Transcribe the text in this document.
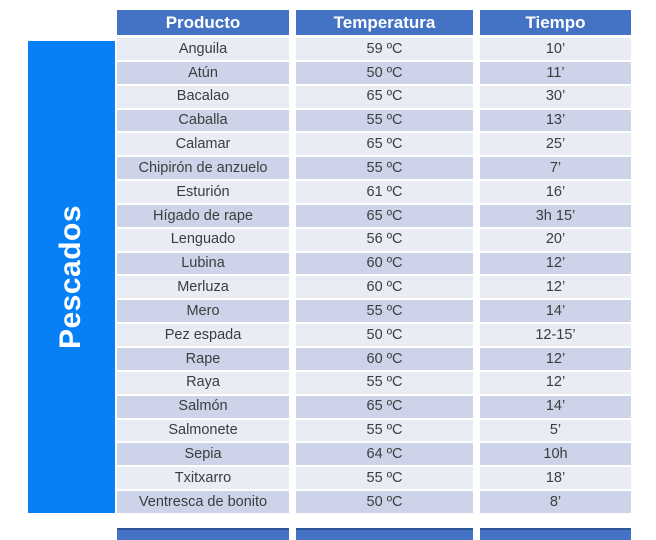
Pescados
Producto	Temperatura	Tiempo
Anguila	59 ºC	10’
Atún	50 ºC	11’
Bacalao	65 ºC	30’
Caballa	55 ºC	13’
Calamar	65 ºC	25’
Chipirón de anzuelo	55 ºC	7’
Esturión	61 ºC	16’
Hígado de rape	65 ºC	3h 15’
Lenguado	56 ºC	20’
Lubina	60 ºC	12’
Merluza	60 ºC	12’
Mero	55 ºC	14’
Pez espada	50 ºC	12-15’
Rape	60 ºC	12’
Raya	55 ºC	12’
Salmón	65 ºC	14’
Salmonete	55 ºC	5’
Sepia	64 ºC	10h
Txitxarro	55 ºC	18’
Ventresca de bonito	50 ºC	8’
